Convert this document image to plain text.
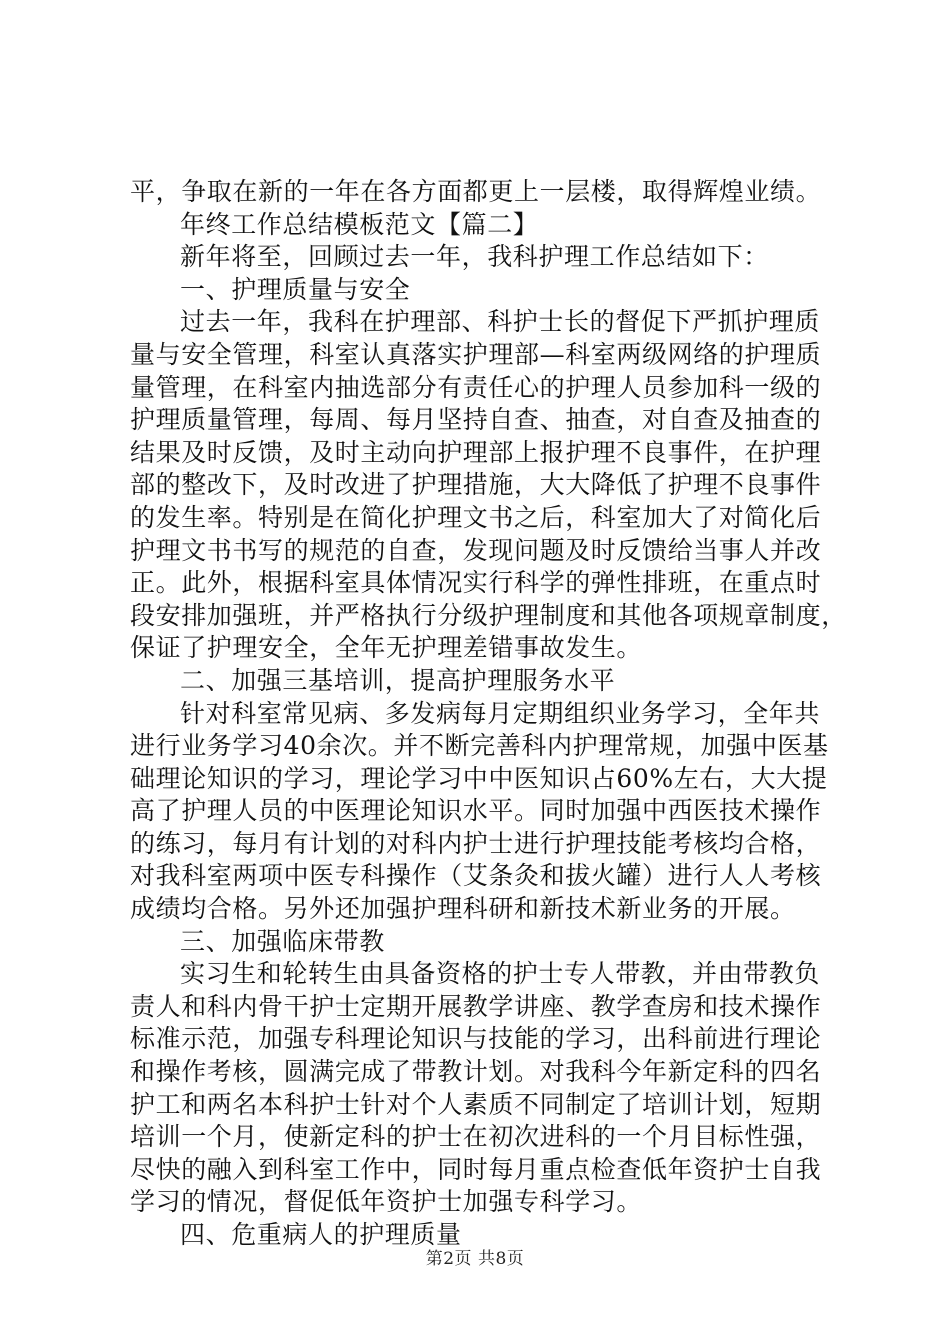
平，争取在新的一年在各方面都更上一层楼，取得辉煌业绩。
年终工作总结模板范文【篇二】
新年将至，回顾过去一年，我科护理工作总结如下：
一、护理质量与安全
过去一年，我科在护理部、科护士长的督促下严抓护理质
量与安全管理，科室认真落实护理部—科室两级网络的护理质
量管理，在科室内抽选部分有责任心的护理人员参加科一级的
护理质量管理，每周、每月坚持自查、抽查，对自查及抽查的
结果及时反馈，及时主动向护理部上报护理不良事件，在护理
部的整改下，及时改进了护理措施，大大降低了护理不良事件
的发生率。特别是在简化护理文书之后，科室加大了对简化后
护理文书书写的规范的自查，发现问题及时反馈给当事人并改
正。此外，根据科室具体情况实行科学的弹性排班，在重点时
段安排加强班，并严格执行分级护理制度和其他各项规章制度，
保证了护理安全，全年无护理差错事故发生。
二、加强三基培训，提高护理服务水平
针对科室常见病、多发病每月定期组织业务学习，全年共
进行业务学习40余次。并不断完善科内护理常规，加强中医基
础理论知识的学习，理论学习中中医知识占60%左右，大大提
高了护理人员的中医理论知识水平。同时加强中西医技术操作
的练习，每月有计划的对科内护士进行护理技能考核均合格，
对我科室两项中医专科操作（艾条灸和拔火罐）进行人人考核
成绩均合格。另外还加强护理科研和新技术新业务的开展。
三、加强临床带教
实习生和轮转生由具备资格的护士专人带教，并由带教负
责人和科内骨干护士定期开展教学讲座、教学查房和技术操作
标准示范，加强专科理论知识与技能的学习，出科前进行理论
和操作考核，圆满完成了带教计划。对我科今年新定科的四名
护工和两名本科护士针对个人素质不同制定了培训计划，短期
培训一个月，使新定科的护士在初次进科的一个月目标性强，
尽快的融入到科室工作中，同时每月重点检查低年资护士自我
学习的情况，督促低年资护士加强专科学习。
四、危重病人的护理质量
第2页 共8页
